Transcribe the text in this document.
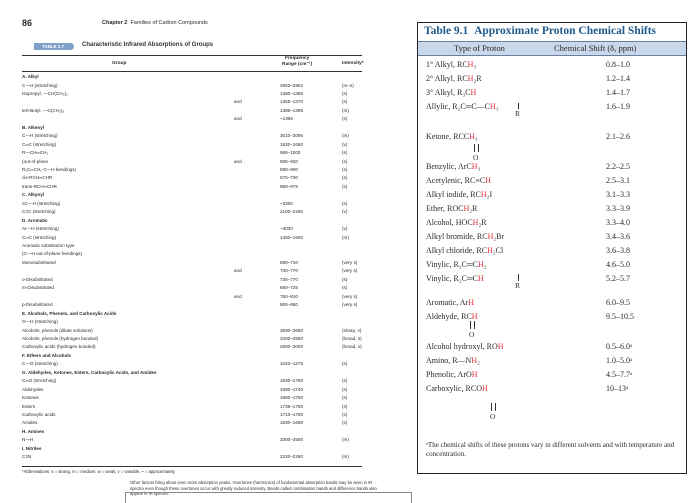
86	Chapter 2 Families of Carbon Compounds
TABLE 2.7	Characteristic Infrared Absorptions of Groups
Group
Frequency
Range (cm⁻¹)	Intensity*
A. Alkyl
C—H (stretching)	2853–2962	(m–s)
Isopropyl, —CH(CH₃)₂	1380–1385	(s)
and	1365–1370	(s)
tert-Butyl, —C(CH₃)₃	1385–1395	(m)
and	~1365	(s)
B. Alkenyl
C—H (stretching)	3010–3095	(m)
C═C (stretching)	1620–1680	(v)
R—CH═CH₂	985–1000	(s)
(out-of-plane	and	905–920	(s)
R₂C═CH₂ C—H bendings)	880–900	(s)
cis-RCH═CHR	675–730	(s)
trans-RCH═CHR	960–975	(s)
C. Alkynyl
≡C—H (stretching)	~3300	(s)
C≡C (stretching)	2100–2260	(v)
D. Aromatic
Ar—H (stretching)	~3030	(v)
C═C (stretching)	1450–1600	(m)
Aromatic substitution type
(C—H out-of-plane bendings)
Monosubstituted	690–710	(very s)
and	730–770	(very s)
o-Disubstituted	735–770	(s)
m-Disubstituted	680–725	(s)
and	750–810	(very s)
p-Disubstituted	800–860	(very s)
E. Alcohols, Phenols, and Carboxylic Acids
O—H (stretching)
Alcohols, phenols (dilute solutions)	3590–3650	(sharp, v)
Alcohols, phenols (hydrogen bonded)	3200–3550	(broad, s)
Carboxylic acids (hydrogen bonded)	2500–3000	(broad, v)
F. Ethers and Alcohols
C—O (stretching)	1020–1275	(s)
G. Aldehydes, Ketones, Esters, Carboxylic Acids, and Amides
C═O (stretching)	1630–1780	(s)
Aldehydes	1690–1740	(s)
Ketones	1680–1750	(s)
Esters	1735–1750	(s)
Carboxylic acids	1710–1780	(s)
Amides	1630–1690	(s)
H. Amines
N—H	3300–3500	(m)
I. Nitriles
C≡N	2220–2260	(m)
*Abbreviations: s = strong, m = medium, w = weak, v = variable, ~ = approximately.
Other factors bring about even more absorption peaks. Overtones (harmonics) of fundamental absorption bands may be seen in IR spectra even though these overtones occur with greatly reduced intensity. Bands called combination bands and difference bands also appear in IR spectra.
Table 9.1 Approximate Proton Chemical Shifts
Type of Proton	Chemical Shift (δ, ppm)
1° Alkyl, RCH₃	0.8–1.0
2° Alkyl, RCH₂R	1.2–1.4
3° Alkyl, R₃CH	1.4–1.7
Allylic, R₂C═C—CH₃	1.6–1.9
Ketone, RCCH₃	2.1–2.6
Benzylic, ArCH₃	2.2–2.5
Acetylenic, RC≡CH	2.5–3.1
Alkyl iodide, RCH₂I	3.1–3.3
Ether, ROCH₂R	3.3–3.9
Alcohol, HOCH₂R	3.3–4.0
Alkyl bromide, RCH₂Br	3.4–3.6
Alkyl chloride, RCH₂Cl	3.6–3.8
Vinylic, R₂C═CH₂	4.6–5.0
Vinylic, R₂C═CH	5.2–5.7
Aromatic, ArH	6.0–9.5
Aldehyde, RCH	9.5–10.5
Alcohol hydroxyl, ROH	0.5–6.0ᵃ
Amino, R—NH₂	1.0–5.0ᵃ
Phenolic, ArOH	4.5–7.7ᵃ
Carboxylic, RCOH	10–13ᵃ
R
O
R
O
O
ᵃThe chemical shifts of these protons vary in different solvents and with temperature and concentration.
